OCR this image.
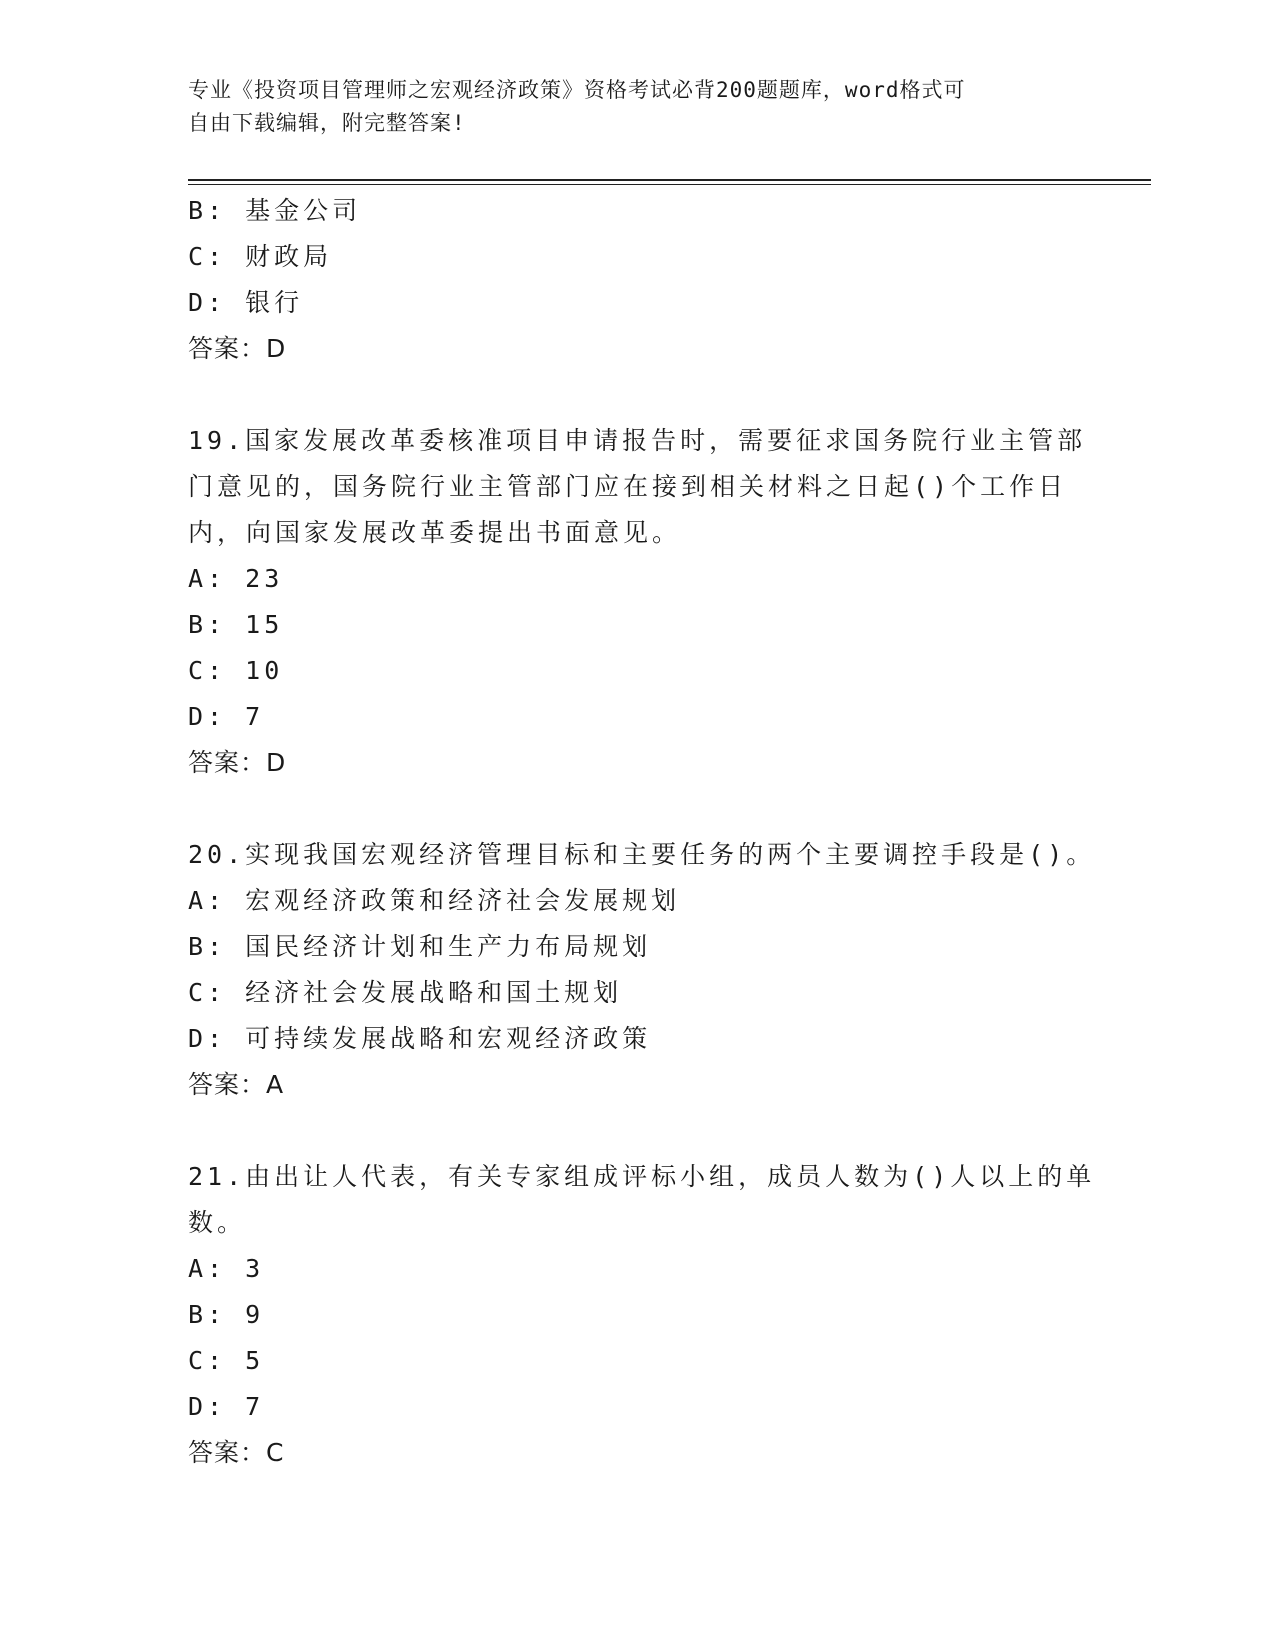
专业《投资项目管理师之宏观经济政策》资格考试必背200题题库，word格式可
自由下载编辑，附完整答案!
B: 基金公司
C: 财政局
D: 银行
答案：D
19.国家发展改革委核准项目申请报告时，需要征求国务院行业主管部
门意见的，国务院行业主管部门应在接到相关材料之日起()个工作日
内，向国家发展改革委提出书面意见。
A: 23
B: 15
C: 10
D: 7
答案：D
20.实现我国宏观经济管理目标和主要任务的两个主要调控手段是()。
A: 宏观经济政策和经济社会发展规划
B: 国民经济计划和生产力布局规划
C: 经济社会发展战略和国土规划
D: 可持续发展战略和宏观经济政策
答案：A
21.由出让人代表，有关专家组成评标小组，成员人数为()人以上的单
数。
A: 3
B: 9
C: 5
D: 7
答案：C
